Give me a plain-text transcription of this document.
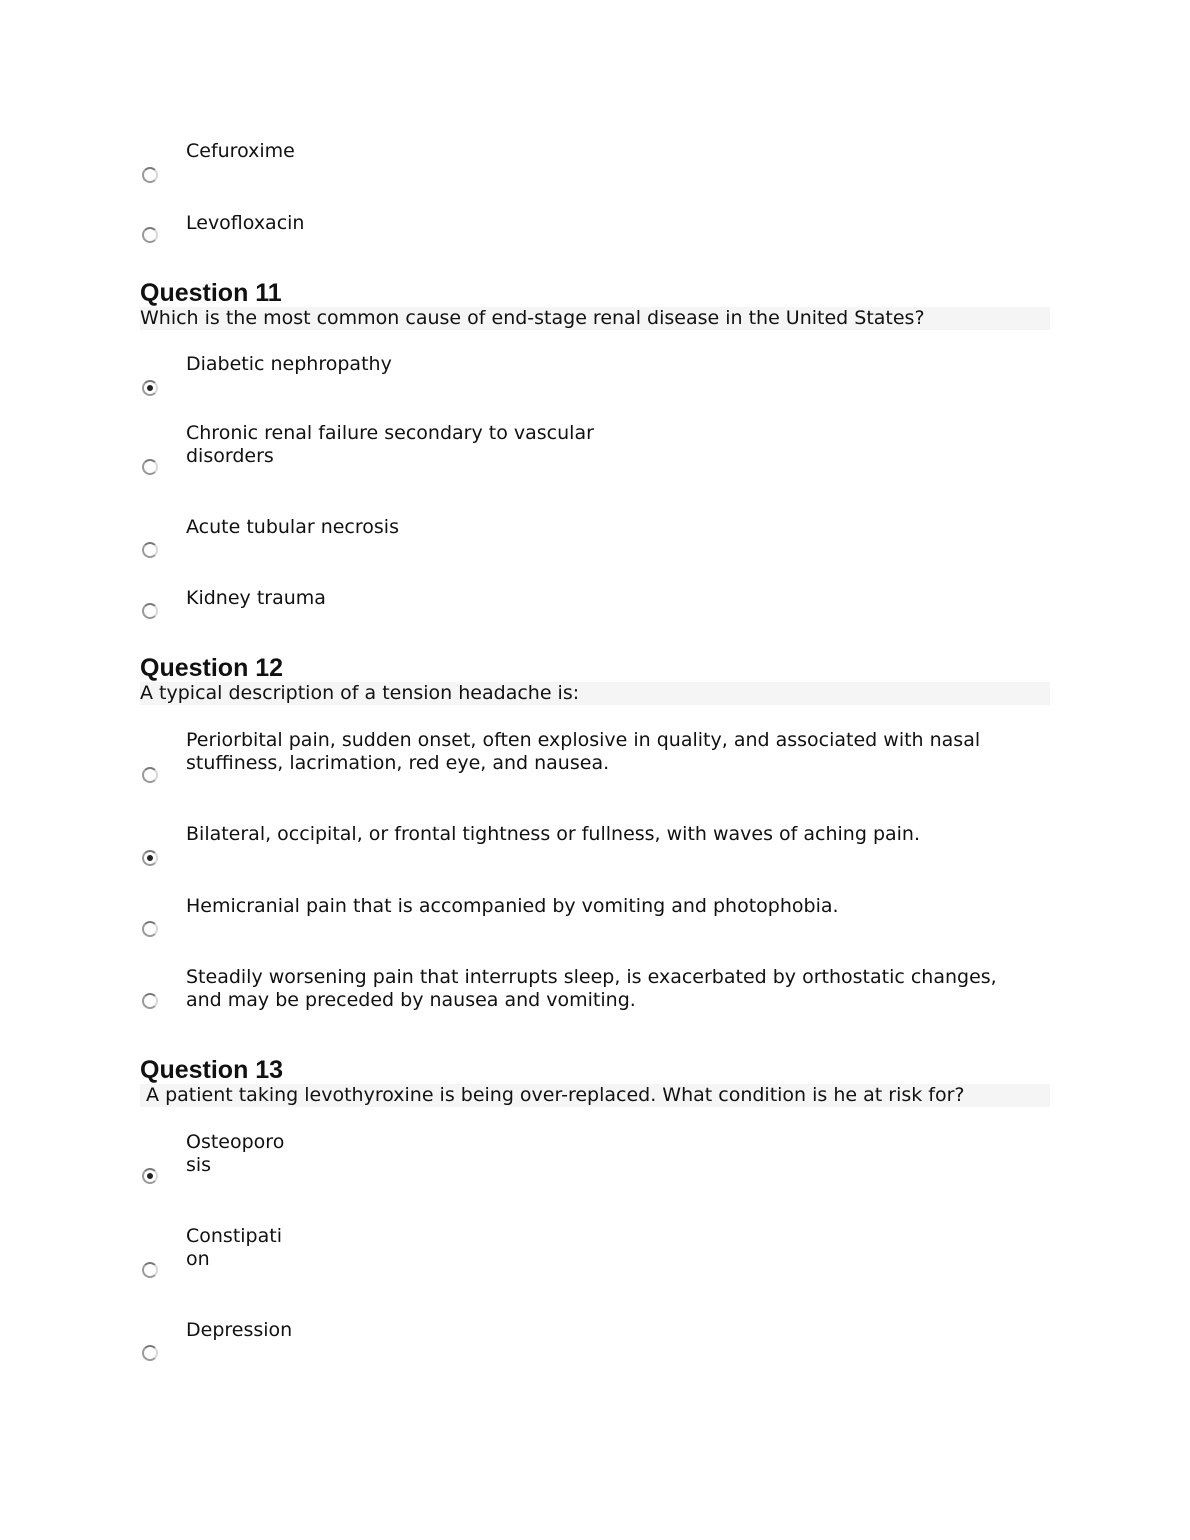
Cefuroxime
Levofloxacin
Question 11
Which is the most common cause of end-stage renal disease in the United States?
Diabetic nephropathy
Chronic renal failure secondary to vascular
disorders
Acute tubular necrosis
Kidney trauma
Question 12
A typical description of a tension headache is:
Periorbital pain, sudden onset, often explosive in quality, and associated with nasal
stuffiness, lacrimation, red eye, and nausea.
Bilateral, occipital, or frontal tightness or fullness, with waves of aching pain.
Hemicranial pain that is accompanied by vomiting and photophobia.
Steadily worsening pain that interrupts sleep, is exacerbated by orthostatic changes,
and may be preceded by nausea and vomiting.
Question 13
A patient taking levothyroxine is being over-replaced. What condition is he at risk for?
Osteoporo
sis
Constipati
on
Depression
